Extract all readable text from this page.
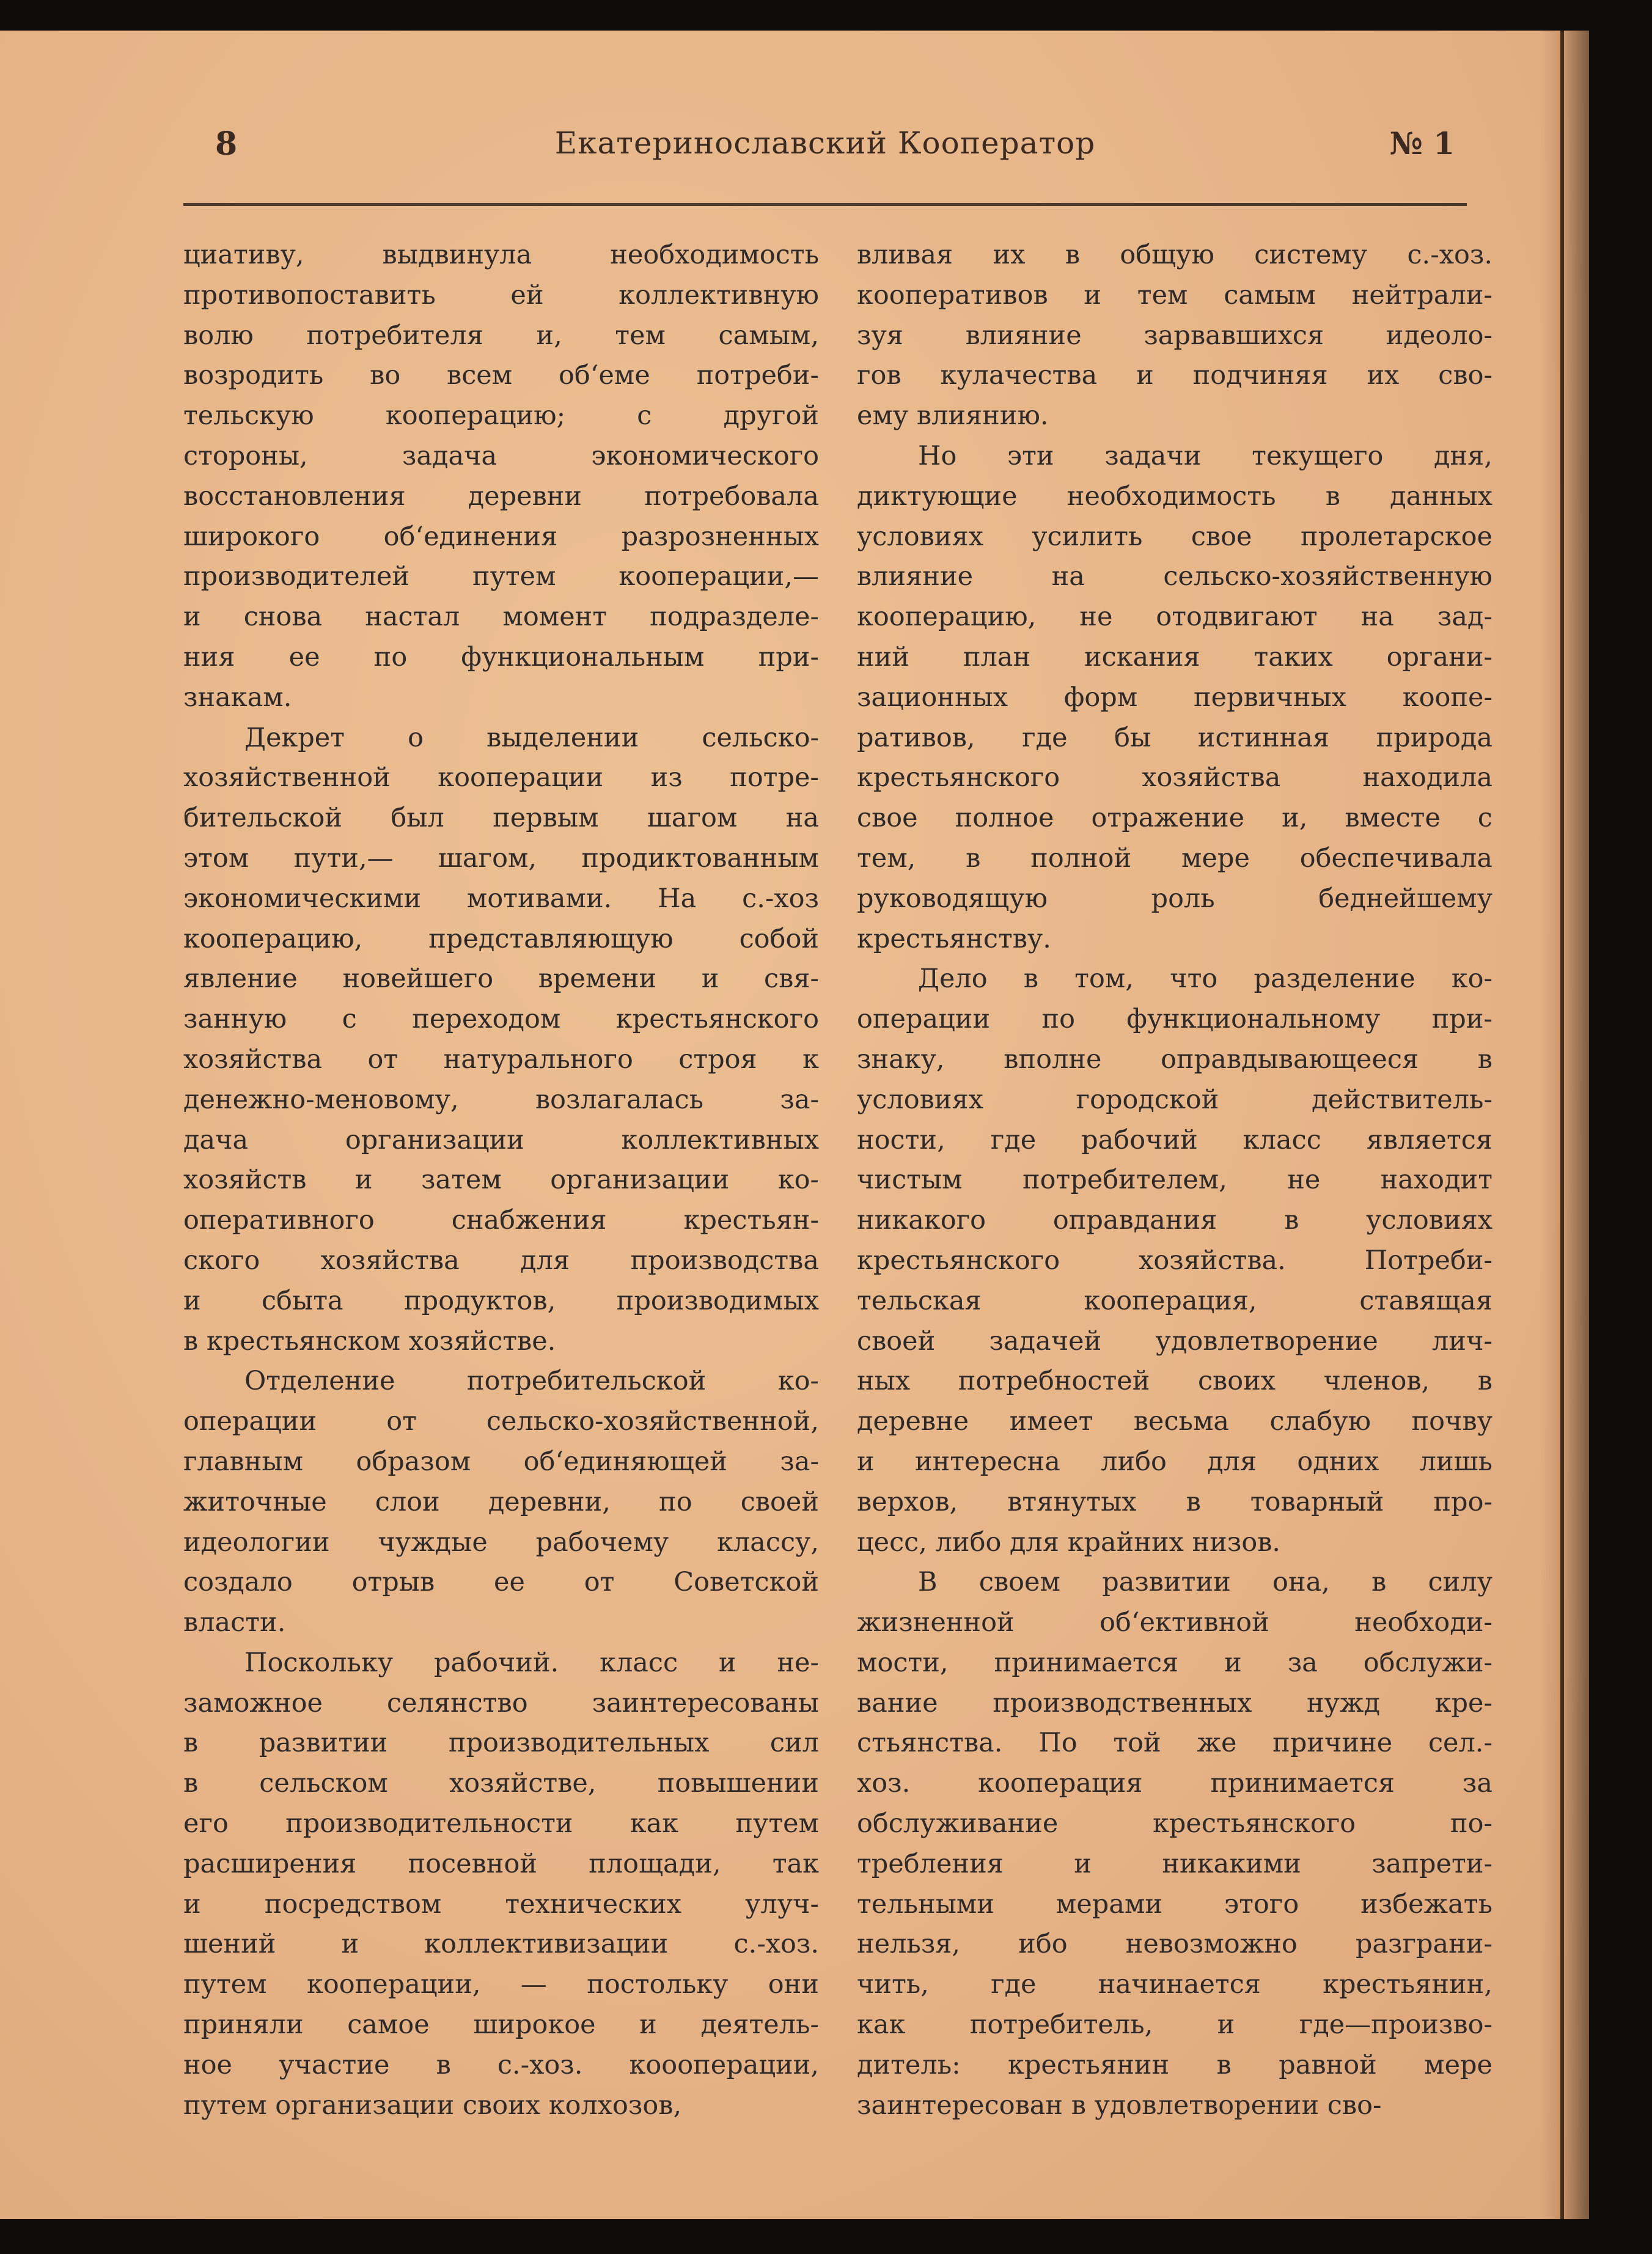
8	Екатеринославский Кооператор	№ 1
циативу, выдвинула необходимость
противопоставить ей коллективную
волю потребителя и, тем самым,
возродить во всем об‘еме потреби-
тельскую кооперацию; с другой
стороны, задача экономического
восстановления деревни потребовала
широкого об‘единения разрозненных
производителей путем кооперации,—
и снова настал момент подразделе-
ния ее по функциональным при-
знакам.
Декрет о выделении сельско-
хозяйственной кооперации из потре-
бительской был первым шагом на
этом пути,— шагом, продиктованным
экономическими мотивами. На с.-хоз
кооперацию, представляющую собой
явление новейшего времени и свя-
занную с переходом крестьянского
хозяйства от натурального строя к
денежно-меновому, возлагалась за-
дача организации коллективных
хозяйств и затем организации ко-
оперативного снабжения крестьян-
ского хозяйства для производства
и сбыта продуктов, производимых
в крестьянском хозяйстве.
Отделение потребительской ко-
операции от сельско-хозяйственной,
главным образом об‘единяющей за-
житочные слои деревни, по своей
идеологии чуждые рабочему классу,
создало отрыв ее от Советской
власти.
Поскольку рабочий. класс и не-
заможное селянство заинтересованы
в развитии производительных сил
в сельском хозяйстве, повышении
его производительности как путем
расширения посевной площади, так
и посредством технических улуч-
шений и коллективизации с.-хоз.
путем кооперации, — постольку они
приняли самое широкое и деятель-
ное участие в с.-хоз. коооперации,
путем организации своих колхозов,
вливая их в общую систему с.-хоз.
кооперативов и тем самым нейтрали-
зуя влияние зарвавшихся идеоло-
гов кулачества и подчиняя их сво-
ему влиянию.
Но эти задачи текущего дня,
диктующие необходимость в данных
условиях усилить свое пролетарское
влияние на сельско-хозяйственную
кооперацию, не отодвигают на зад-
ний план искания таких органи-
зационных форм первичных коопе-
ративов, где бы истинная природа
крестьянского хозяйства находила
свое полное отражение и, вместе с
тем, в полной мере обеспечивала
руководящую роль беднейшему
крестьянству.
Дело в том, что разделение ко-
операции по функциональному при-
знаку, вполне оправдывающееся в
условиях городской действитель-
ности, где рабочий класс является
чистым потребителем, не находит
никакого оправдания в условиях
крестьянского хозяйства. Потреби-
тельская кооперация, ставящая
своей задачей удовлетворение лич-
ных потребностей своих членов, в
деревне имеет весьма слабую почву
и интересна либо для одних лишь
верхов, втянутых в товарный про-
цесс, либо для крайних низов.
В своем развитии она, в силу
жизненной об‘ективной необходи-
мости, принимается и за обслужи-
вание производственных нужд кре-
стьянства. По той же причине сел.-
хоз. кооперация принимается за
обслуживание крестьянского по-
требления и никакими запрети-
тельными мерами этого избежать
нельзя, ибо невозможно разграни-
чить, где начинается крестьянин,
как потребитель, и где—произво-
дитель: крестьянин в равной мере
заинтересован в удовлетворении сво-
